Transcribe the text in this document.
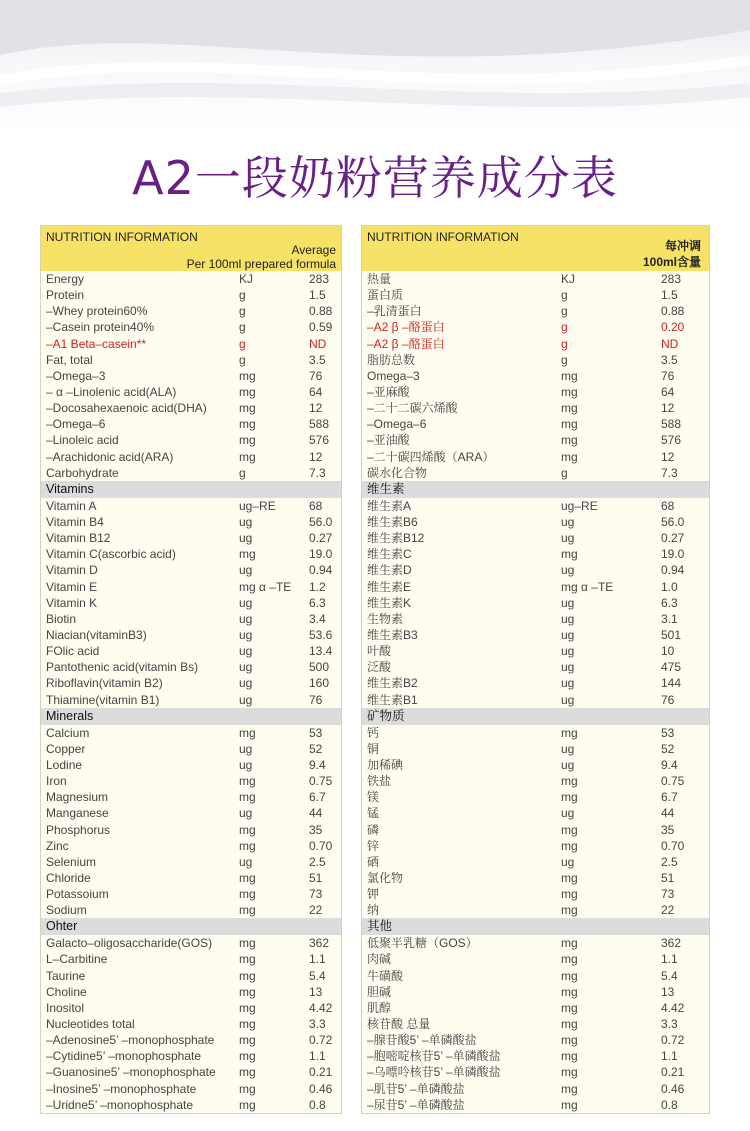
A2一段奶粉营养成分表
NUTRITION INFORMATION
Average
Per 100ml prepared formula
Energy	KJ	283
Protein	g	1.5
–Whey protein60%	g	0.88
–Casein protein40%	g	0.59
–A1 Beta–casein**	g	ND
Fat, total	g	3.5
–Omega–3	mg	76
– α –Linolenic acid(ALA)	mg	64
–Docosahexaenoic acid(DHA)	mg	12
–Omega–6	mg	588
–Linoleic acid	mg	576
–Arachidonic acid(ARA)	mg	12
Carbohydrate	g	7.3
Vitamins
Vitamin A	ug–RE	68
Vitamin B4	ug	56.0
Vitamin B12	ug	0.27
Vitamin C(ascorbic acid)	mg	19.0
Vitamin D	ug	0.94
Vitamin E	mg α –TE 1.2
Vitamin K	ug	6.3
Biotin	ug	3.4
Niacian(vitaminB3)	ug	53.6
FOlic acid	ug	13.4
Pantothenic acid(vitamin Bs)	ug	500
Riboflavin(vitamin B2)	ug	160
Thiamine(vitamin B1)	ug	76
Minerals
Calcium	mg	53
Copper	ug	52
Lodine	ug	9.4
Iron	mg	0.75
Magnesium	mg	6.7
Manganese	ug	44
Phosphorus	mg	35
Zinc	mg	0.70
Selenium	ug	2.5
Chloride	mg	51
Potassoium	mg	73
Sodium	mg	22
Ohter
Galacto–oligosaccharide(GOS) mg	362
L–Carbitine	mg	1.1
Taurine	mg	5.4
Choline	mg	13
Inositol	mg	4.42
Nucleotides total	mg	3.3
–Adenosine5’ –monophosphate mg	0.72
–Cytidine5’ –monophosphate	mg	1.1
–Guanosine5’ –monophosphate mg	0.21
–Inosine5’ –monophosphate	mg	0.46
–Uridne5’ –monophosphate	mg	0.8
NUTRITION INFORMATION
每冲调
100ml含量
热量	KJ	283
蛋白质	g	1.5
–乳清蛋白	g	0.88
–A2 β –酪蛋白	g	0.20
–A2 β –酪蛋白	g	ND
脂肪总数	g	3.5
Omega–3	mg	76
–亚麻酸	mg	64
–二十二碳六烯酸	mg	12
–Omega–6	mg	588
–亚油酸	mg	576
–二十碳四烯酸（ARA）	mg	12
碳水化合物	g	7.3
维生素
维生素A	ug–RE	68
维生素B6	ug	56.0
维生素B12	ug	0.27
维生素C	mg	19.0
维生素D	ug	0.94
维生素E	mg α –TE	1.0
维生素K	ug	6.3
生物素	ug	3.1
维生素B3	ug	501
叶酸	ug	10
泛酸	ug	475
维生素B2	ug	144
维生素B1	ug	76
矿物质
钙	mg	53
铜	ug	52
加稀碘	ug	9.4
铁盐	mg	0.75
镁	mg	6.7
锰	ug	44
磷	mg	35
锌	mg	0.70
硒	ug	2.5
氯化物	mg	51
钾	mg	73
纳	mg	22
其他
低聚半乳糖（GOS）	mg	362
肉碱	mg	1.1
牛磺酸	mg	5.4
胆碱	mg	13
肌醇	mg	4.42
核苷酸 总量	mg	3.3
–腺苷酸5’ –单磷酸盐	mg	0.72
–胞嘧啶核苷5’ –单磷酸盐	mg	1.1
–乌嘌呤核苷5’ –单磷酸盐	mg	0.21
–肌苷5’ –单磷酸盐	mg	0.46
–尿苷5’ –单磷酸盐	mg	0.8
